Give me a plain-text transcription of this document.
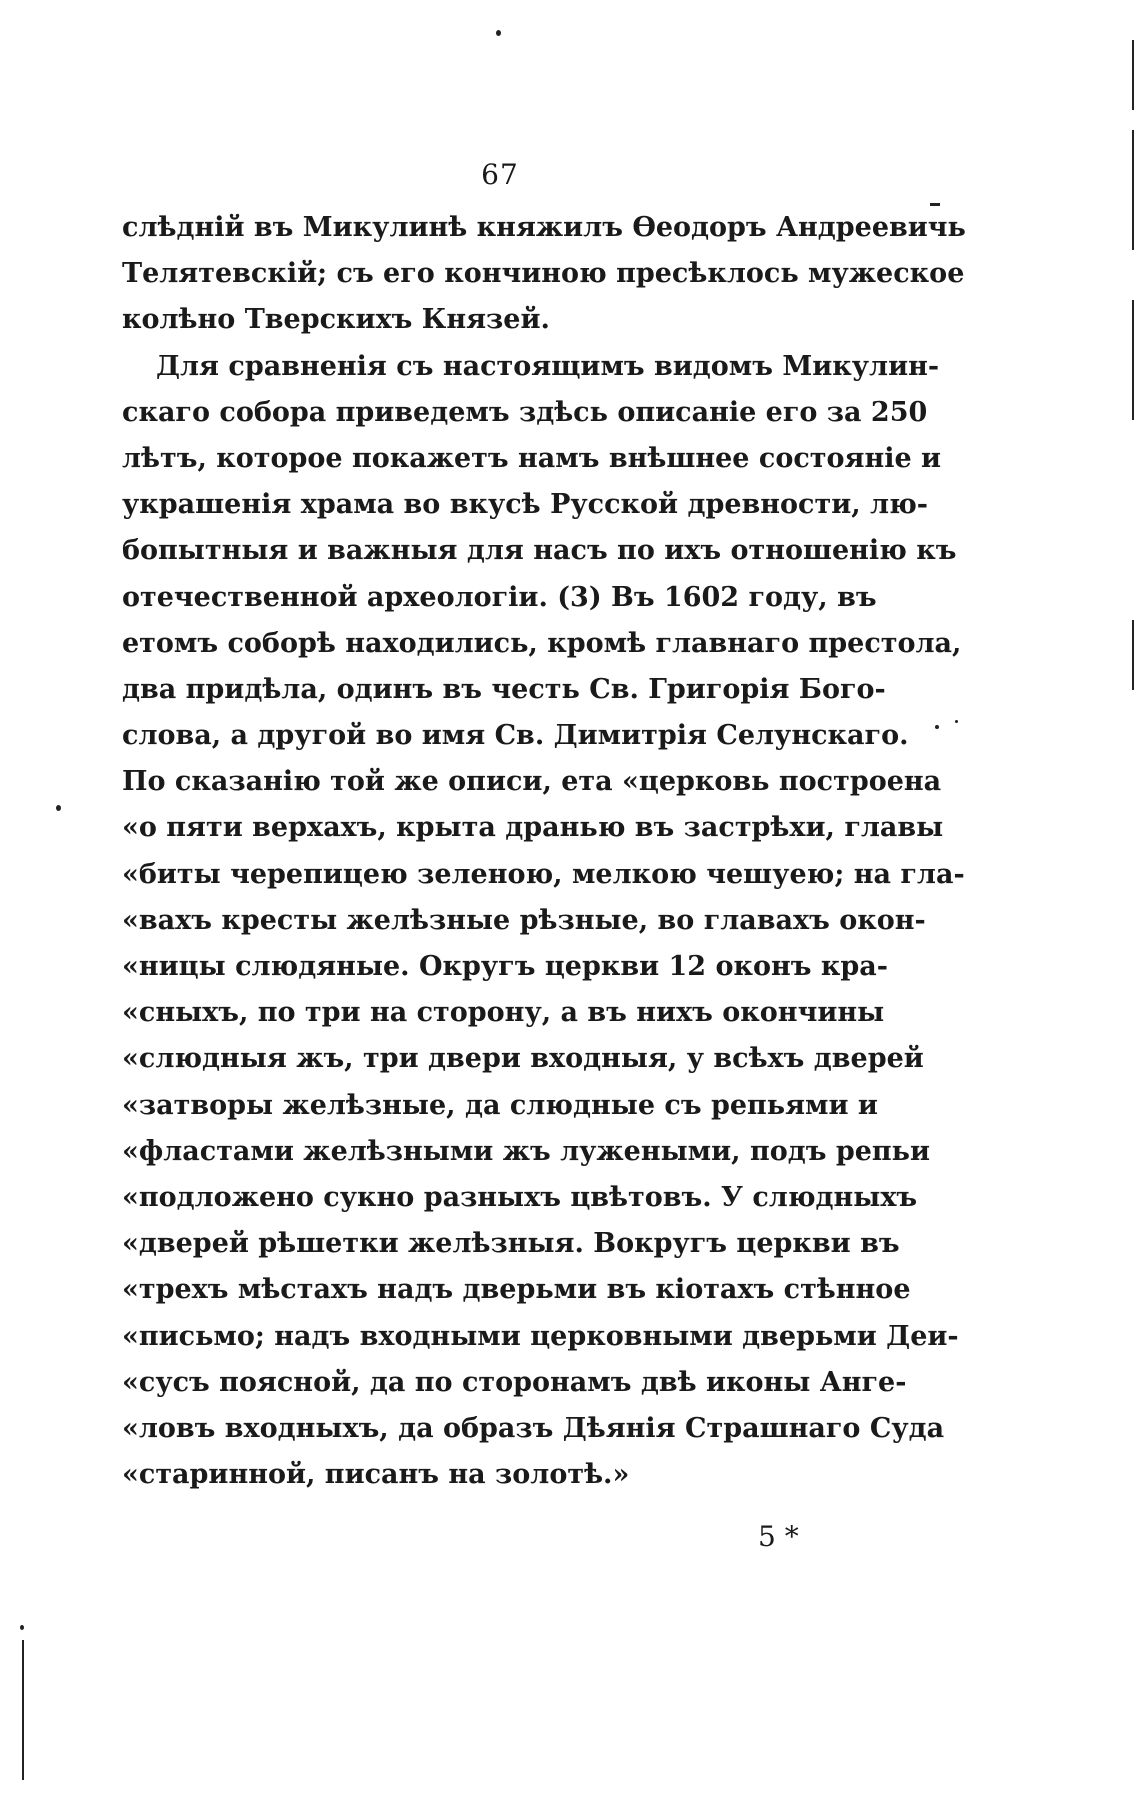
67
слѣдній въ Микулинѣ княжилъ Ѳеодоръ Андреевичь
Телятевскій; съ его кончиною пресѣклось мужеское
колѣно Тверскихъ Князей.
Для сравненія съ настоящимъ видомъ Микулин-
скаго собора приведемъ здѣсь описаніе его за 250
лѣтъ, которое покажетъ намъ внѣшнее состояніе и
украшенія храма во вкусѣ Русской древности, лю-
бопытныя и важныя для насъ по ихъ отношенію къ
отечественной археологіи. (3) Въ 1602 году, въ
етомъ соборѣ находились, кромѣ главнаго престола,
два придѣла, одинъ въ честь Св. Григорія Бого-
слова, а другой во имя Св. Димитрія Селунскаго.
По сказанію той же описи, ета «церковь построена
«о пяти верхахъ, крыта дранью въ застрѣхи, главы
«биты черепицею зеленою, мелкою чешуею; на гла-
«вахъ кресты желѣзные рѣзные, во главахъ окон-
«ницы слюдяные. Округъ церкви 12 оконъ кра-
«сныхъ, по три на сторону, а въ нихъ окончины
«слюдныя жъ, три двери входныя, у всѣхъ дверей
«затворы желѣзные, да слюдные съ репьями и
«фластами желѣзными жъ лужеными, подъ репьи
«подложено сукно разныхъ цвѣтовъ. У слюдныхъ
«дверей рѣшетки желѣзныя. Вокругъ церкви въ
«трехъ мѣстахъ надъ дверьми въ кіотахъ стѣнное
«письмо; надъ входными церковными дверьми Деи-
«сусъ поясной, да по сторонамъ двѣ иконы Анге-
«ловъ входныхъ, да образъ Дѣянія Страшнаго Суда
«старинной, писанъ на золотѣ.»
5 *
